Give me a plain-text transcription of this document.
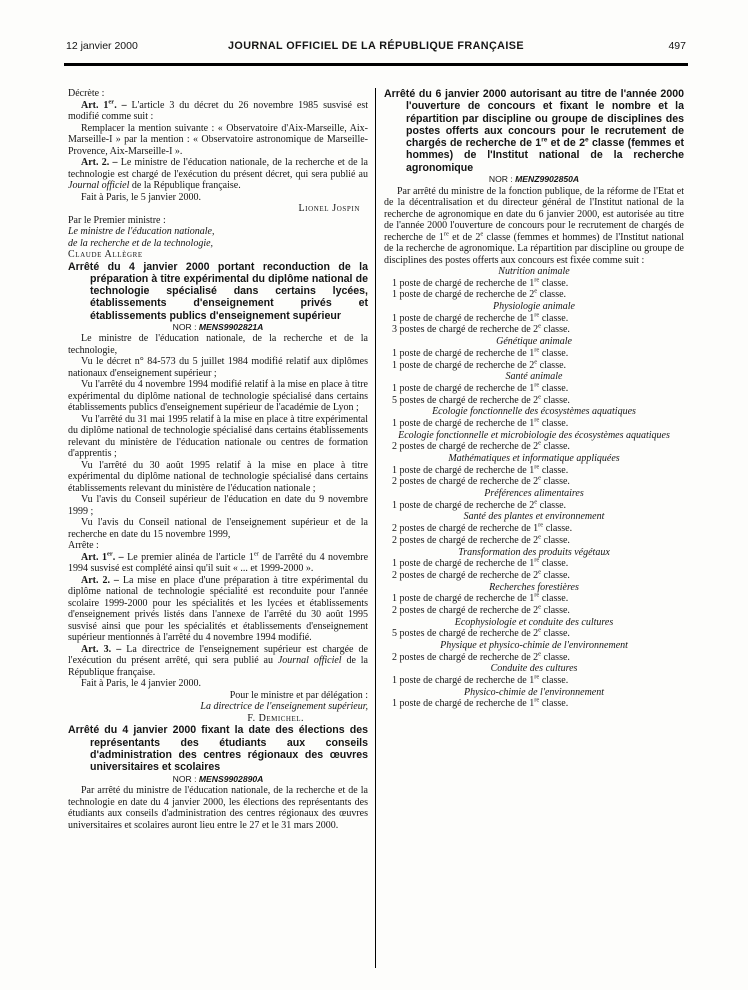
12 janvier 2000	JOURNAL OFFICIEL DE LA RÉPUBLIQUE FRANÇAISE	497

Décrète :

Art. 1er. – L'article 3 du décret du 26 novembre 1985 susvisé est modifié comme suit :

Remplacer la mention suivante : « Observatoire d'Aix-Marseille, Aix-Marseille-I » par la mention : « Observatoire astronomique de Marseille-Provence, Aix-Marseille-I ».

Art. 2. – Le ministre de l'éducation nationale, de la recherche et de la technologie est chargé de l'exécution du présent décret, qui sera publié au Journal officiel de la République française.

Fait à Paris, le 5 janvier 2000.

Lionel Jospin

Par le Premier ministre :

Le ministre de l'éducation nationale,

de la recherche et de la technologie,

Claude Allègre

Arrêté du 4 janvier 2000 portant reconduction de la préparation à titre expérimental du diplôme national de technologie spécialisé dans certains lycées, établissements d'enseignement privés et établissements publics d'enseignement supérieur

NOR : MENS9902821A

Le ministre de l'éducation nationale, de la recherche et de la technologie,

Vu le décret n° 84-573 du 5 juillet 1984 modifié relatif aux diplômes nationaux d'enseignement supérieur ;

Vu l'arrêté du 4 novembre 1994 modifié relatif à la mise en place à titre expérimental du diplôme national de technologie spécialisé dans certains établissements publics d'enseignement supérieur de l'académie de Lyon ;

Vu l'arrêté du 31 mai 1995 relatif à la mise en place à titre expérimental du diplôme national de technologie spécialisé dans certains établissements relevant du ministère de l'éducation nationale ou centres de formation d'apprentis ;

Vu l'arrêté du 30 août 1995 relatif à la mise en place à titre expérimental du diplôme national de technologie spécialisé dans certains établissements relevant du ministère de l'éducation nationale ;

Vu l'avis du Conseil supérieur de l'éducation en date du 9 novembre 1999 ;

Vu l'avis du Conseil national de l'enseignement supérieur et de la recherche en date du 15 novembre 1999,

Arrête :

Art. 1er. – Le premier alinéa de l'article 1er de l'arrêté du 4 novembre 1994 susvisé est complété ainsi qu'il suit « ... et 1999-2000 ».

Art. 2. – La mise en place d'une préparation à titre expérimental du diplôme national de technologie spécialité est reconduite pour l'année scolaire 1999-2000 pour les spécialités et les lycées et établissements d'enseignement privés listés dans l'annexe de l'arrêté du 30 août 1995 susvisé ainsi que pour les spécialités et établissements d'enseignement supérieur mentionnés à l'arrêté du 4 novembre 1994 modifié.

Art. 3. – La directrice de l'enseignement supérieur est chargée de l'exécution du présent arrêté, qui sera publié au Journal officiel de la République française.

Fait à Paris, le 4 janvier 2000.

Pour le ministre et par délégation :

La directrice de l'enseignement supérieur,

F. Demichel.

Arrêté du 4 janvier 2000 fixant la date des élections des représentants des étudiants aux conseils d'administration des centres régionaux des œuvres universitaires et scolaires

NOR : MENS9902890A

Par arrêté du ministre de l'éducation nationale, de la recherche et de la technologie en date du 4 janvier 2000, les élections des représentants des étudiants aux conseils d'administration des centres régionaux des œuvres universitaires et scolaires auront lieu entre le 27 et le 31 mars 2000.

Arrêté du 6 janvier 2000 autorisant au titre de l'année 2000 l'ouverture de concours et fixant le nombre et la répartition par discipline ou groupe de disciplines des postes offerts aux concours pour le recrutement de chargés de recherche de 1re et de 2e classe (femmes et hommes) de l'Institut national de la recherche agronomique

NOR : MENZ9902850A

Par arrêté du ministre de la fonction publique, de la réforme de l'Etat et de la décentralisation et du directeur général de l'Institut national de la recherche de agronomique en date du 6 janvier 2000, est autorisée au titre de l'année 2000 l'ouverture de concours pour le recrutement de chargés de recherche de 1re et de 2e classe (femmes et hommes) de l'Institut national de la recherche de agronomique. La répartition par discipline ou groupe de disciplines des postes offerts aux concours est fixée comme suit :

Nutrition animale

1 poste de chargé de recherche de 1re classe.

1 poste de chargé de recherche de 2e classe.

Physiologie animale

1 poste de chargé de recherche de 1re classe.

3 postes de chargé de recherche de 2e classe.

Génétique animale

1 poste de chargé de recherche de 1re classe.

1 poste de chargé de recherche de 2e classe.

Santé animale

1 poste de chargé de recherche de 1re classe.

5 postes de chargé de recherche de 2e classe.

Ecologie fonctionnelle des écosystèmes aquatiques

1 poste de chargé de recherche de 1re classe.

Ecologie fonctionnelle et microbiologie des écosystèmes aquatiques

2 postes de chargé de recherche de 2e classe.

Mathématiques et informatique appliquées

1 poste de chargé de recherche de 1re classe.

2 postes de chargé de recherche de 2e classe.

Préférences alimentaires

1 poste de chargé de recherche de 2e classe.

Santé des plantes et environnement

2 postes de chargé de recherche de 1re classe.

2 postes de chargé de recherche de 2e classe.

Transformation des produits végétaux

1 poste de chargé de recherche de 1re classe.

2 postes de chargé de recherche de 2e classe.

Recherches forestières

1 poste de chargé de recherche de 1re classe.

2 postes de chargé de recherche de 2e classe.

Ecophysiologie et conduite des cultures

5 postes de chargé de recherche de 2e classe.

Physique et physico-chimie de l'environnement

2 postes de chargé de recherche de 2e classe.

Conduite des cultures

1 poste de chargé de recherche de 1re classe.

Physico-chimie de l'environnement

1 poste de chargé de recherche de 1re classe.
